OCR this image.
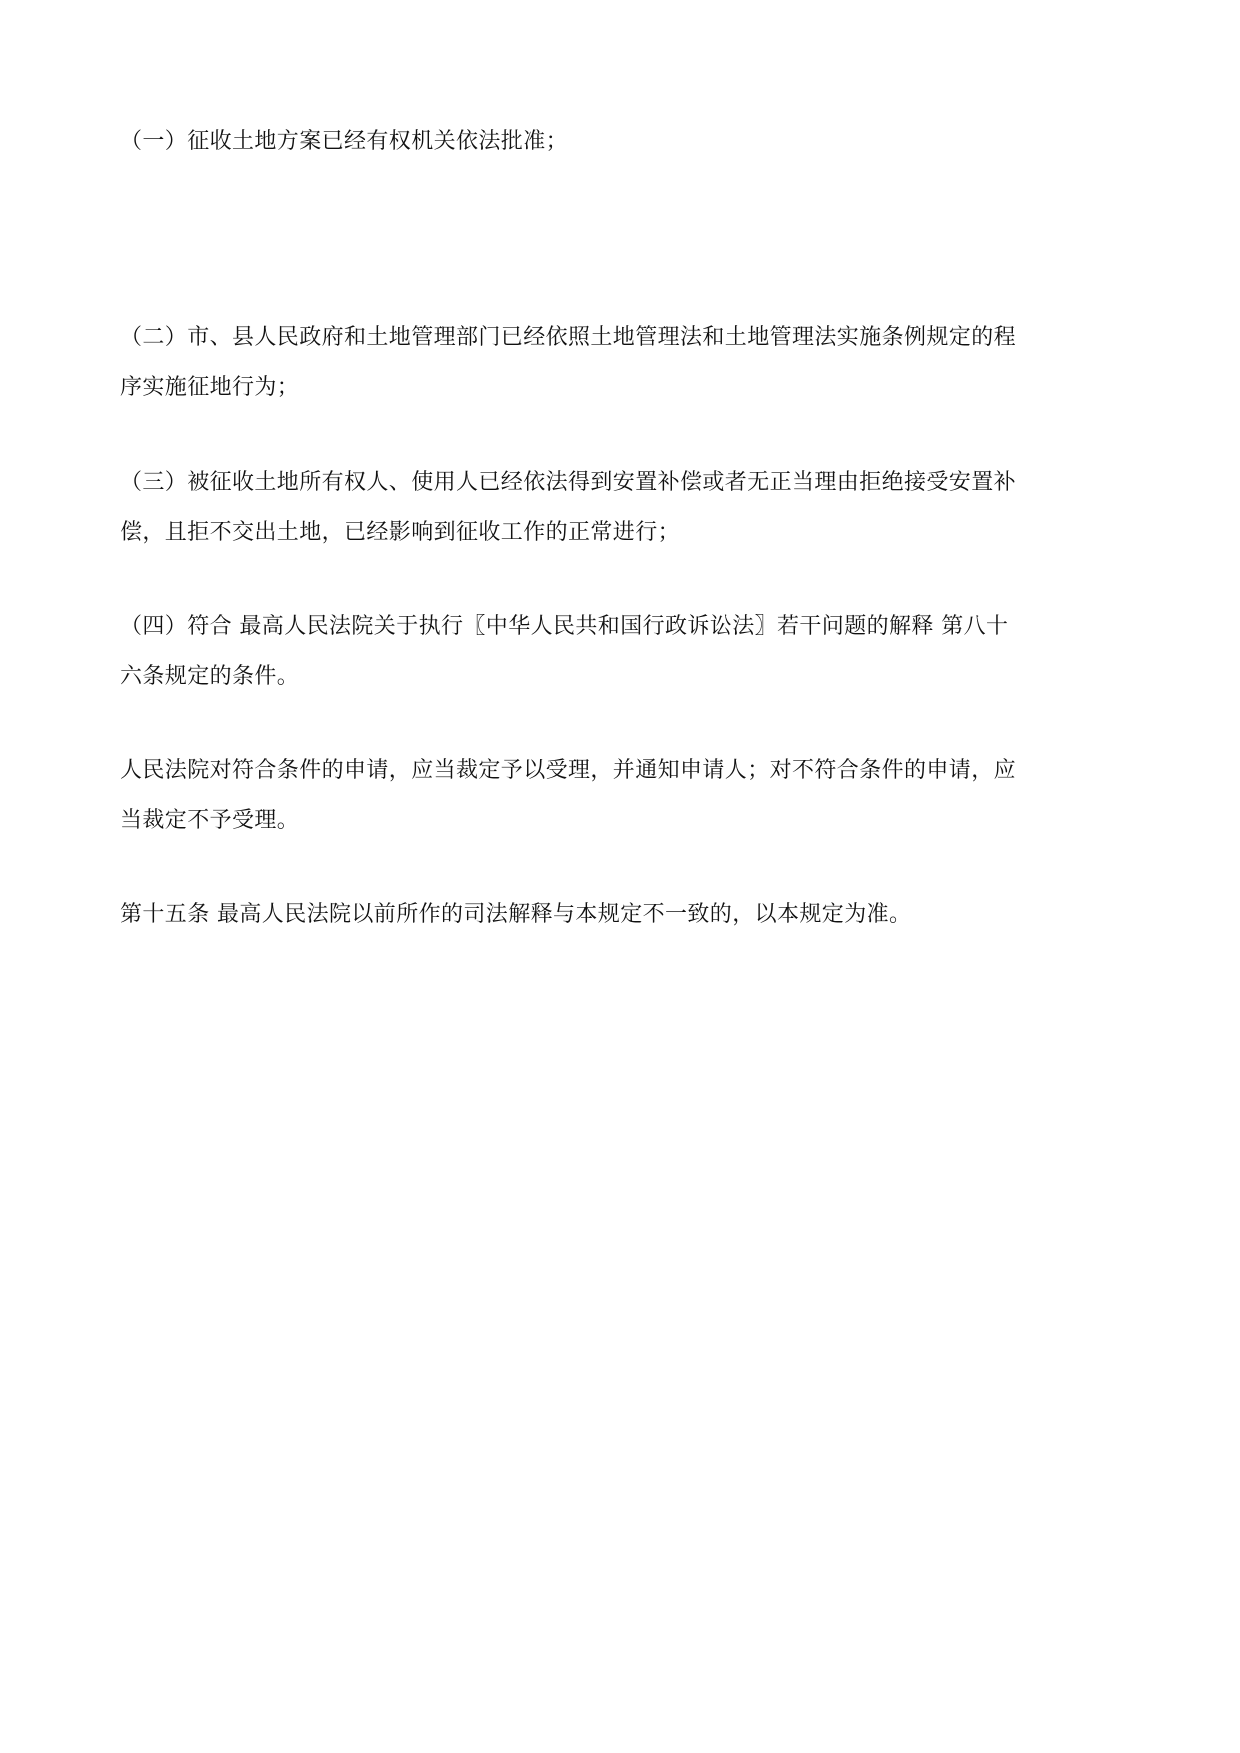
（一）征收土地方案已经有权机关依法批准；

（二）市、县人民政府和土地管理部门已经依照土地管理法和土地管理法实施条例规定的程
序实施征地行为；

（三）被征收土地所有权人、使用人已经依法得到安置补偿或者无正当理由拒绝接受安置补
偿，且拒不交出土地，已经影响到征收工作的正常进行；

（四）符合 最高人民法院关于执行〖中华人民共和国行政诉讼法〗若干问题的解释 第八十
六条规定的条件。

人民法院对符合条件的申请，应当裁定予以受理，并通知申请人；对不符合条件的申请，应
当裁定不予受理。

第十五条 最高人民法院以前所作的司法解释与本规定不一致的，以本规定为准。
